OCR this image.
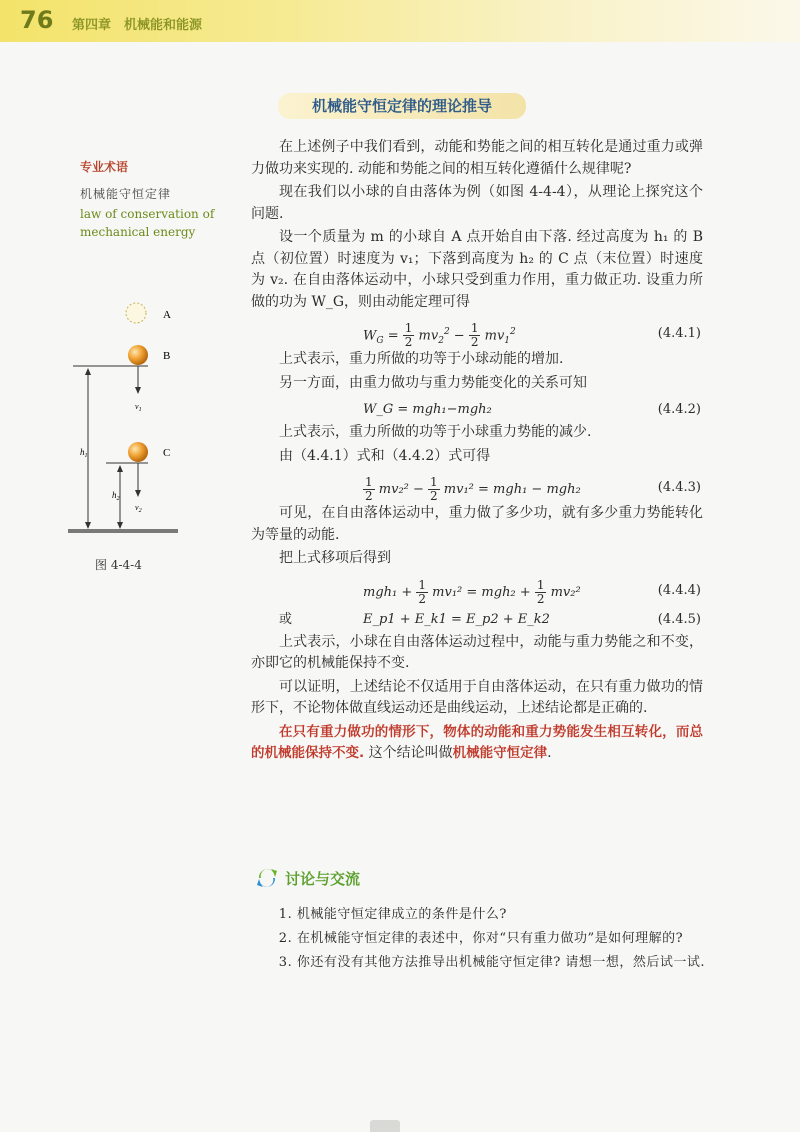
76 第四章　机械能和能源
机械能守恒定律的理论推导
专业术语
机械能守恒定律
law of conservation of
mechanical energy
A
B
$v_1$
$h_1$	C
$v_2$
$h_2$
图 4-4-4

在上述例子中我们看到，动能和势能之间的相互转化是通过重力或弹力做功来实现的. 动能和势能之间的相互转化遵循什么规律呢?

现在我们以小球的自由落体为例（如图 4-4-4），从理论上探究这个问题.

设一个质量为 m 的小球自 A 点开始自由下落. 经过高度为 h₁ 的 B 点（初位置）时速度为 v₁；下落到高度为 h₂ 的 C 点（末位置）时速度为 v₂. 在自由落体运动中，小球只受到重力作用，重力做正功. 设重力所做的功为 W_G，则由动能定理可得

$W_G = \frac{1}{2} mv_2^2 - \frac{1}{2} mv_1^2$	(4.4.1)

上式表示，重力所做的功等于小球动能的增加.

另一方面，由重力做功与重力势能变化的关系可知

W_G = mgh₁−mgh₂	(4.4.2)

上式表示，重力所做的功等于小球重力势能的减少.

由（4.4.1）式和（4.4.2）式可得

$\frac{1}{2} mv_2^2 - \frac{1}{2} mv_1^2 = mgh_1 - mgh_2$	(4.4.3)

可见，在自由落体运动中，重力做了多少功，就有多少重力势能转化为等量的动能.

把上式移项后得到

$mgh_1 + \frac{1}{2} mv_1^2 = mgh_2 + \frac{1}{2} mv_2^2$	(4.4.4)
或	E_p1 + E_k1 = E_p2 + E_k2	(4.4.5)

上式表示，小球在自由落体运动过程中，动能与重力势能之和不变，亦即它的机械能保持不变.

可以证明，上述结论不仅适用于自由落体运动，在只有重力做功的情形下，不论物体做直线运动还是曲线运动，上述结论都是正确的.

在只有重力做功的情形下，物体的动能和重力势能发生相互转化，而总的机械能保持不变. 这个结论叫做机械能守恒定律.

讨论与交流

1. 机械能守恒定律成立的条件是什么?

2. 在机械能守恒定律的表述中，你对“只有重力做功”是如何理解的?

3. 你还有没有其他方法推导出机械能守恒定律? 请想一想，然后试一试.
